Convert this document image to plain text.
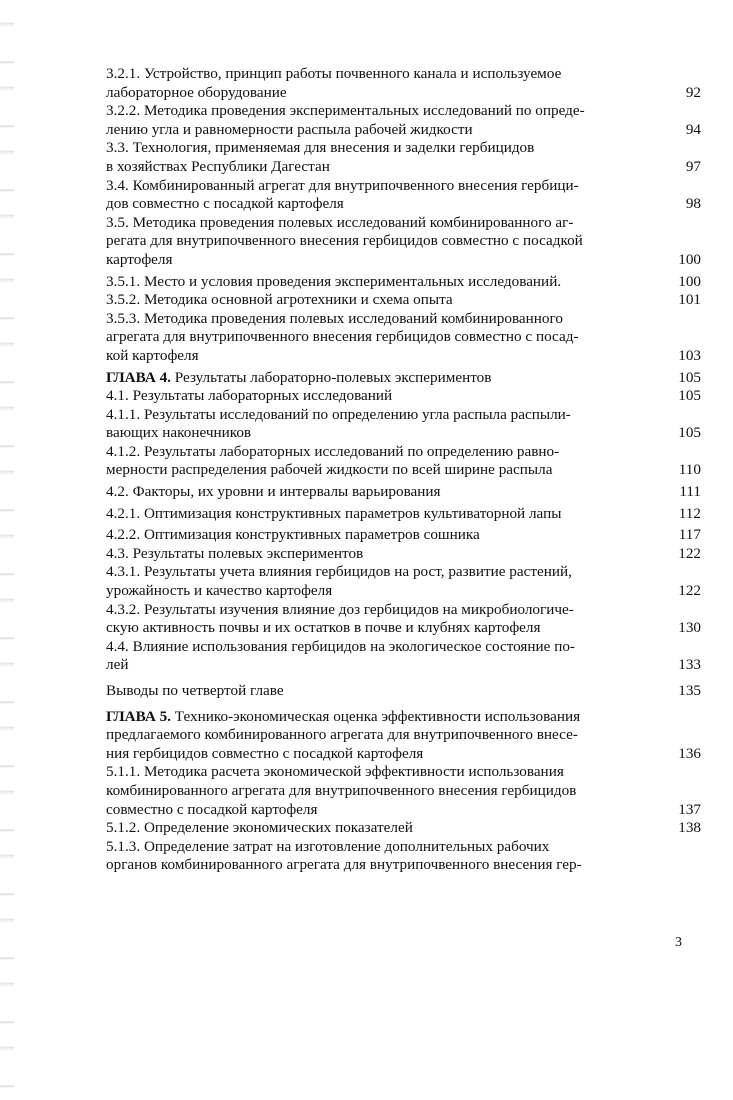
3.2.1. Устройство, принцип работы почвенного канала и используемое
лабораторное оборудование	92
3.2.2. Методика проведения экспериментальных исследований по опреде-
лению угла и равномерности распыла рабочей жидкости	94
3.3. Технология, применяемая для внесения и заделки гербицидов
в хозяйствах Республики Дагестан	97
3.4. Комбинированный агрегат для внутрипочвенного внесения гербици-
дов совместно с посадкой картофеля	98
3.5. Методика проведения полевых исследований комбинированного аг-
регата для внутрипочвенного внесения гербицидов совместно с посадкой
картофеля	100
3.5.1. Место и условия проведения экспериментальных исследований.	100
3.5.2. Методика основной агротехники и схема опыта	101
3.5.3. Методика проведения полевых исследований комбинированного
агрегата для внутрипочвенного внесения гербицидов совместно с посад-
кой картофеля	103
ГЛАВА 4. Результаты лабораторно-полевых экспериментов	105
4.1. Результаты лабораторных исследований	105
4.1.1. Результаты исследований по определению угла распыла распыли-
вающих наконечников	105
4.1.2. Результаты лабораторных исследований по определению равно-
мерности распределения рабочей жидкости по всей ширине распыла	110
4.2. Факторы, их уровни и интервалы варьирования	111
4.2.1. Оптимизация конструктивных параметров культиваторной лапы	112
4.2.2. Оптимизация конструктивных параметров сошника	117
4.3. Результаты полевых экспериментов	122
4.3.1. Результаты учета влияния гербицидов на рост, развитие растений,
урожайность и качество картофеля	122
4.3.2. Результаты изучения влияние доз гербицидов на микробиологиче-
скую активность почвы и их остатков в почве и клубнях картофеля	130
4.4. Влияние использования гербицидов на экологическое состояние по-
лей	133
Выводы по четвертой главе	135
ГЛАВА 5. Технико-экономическая оценка эффективности использования
предлагаемого комбинированного агрегата для внутрипочвенного внесе-
ния гербицидов совместно с посадкой картофеля	136
5.1.1. Методика расчета экономической эффективности использования
комбинированного агрегата для внутрипочвенного внесения гербицидов
совместно с посадкой картофеля	137
5.1.2. Определение экономических показателей	138
5.1.3. Определение затрат на изготовление дополнительных рабочих
органов комбинированного агрегата для внутрипочвенного внесения гер-
3
